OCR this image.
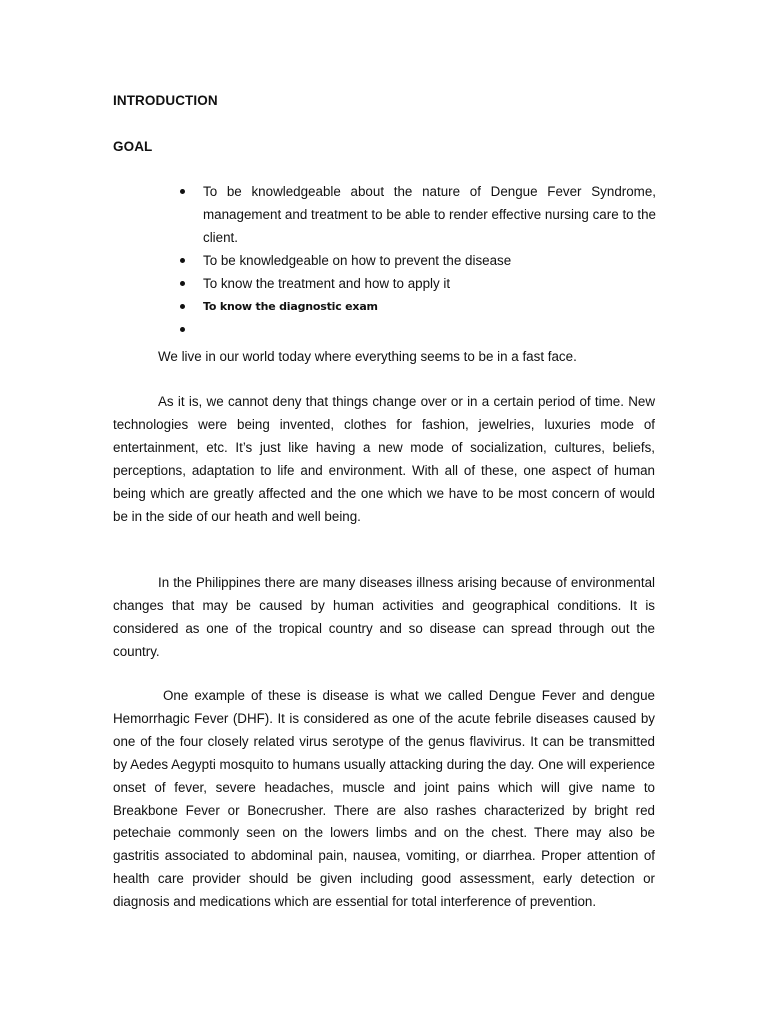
INTRODUCTION
GOAL
To be knowledgeable about the nature of Dengue Fever Syndrome, management and treatment to be able to render effective nursing care to the client.
To be knowledgeable on how to prevent the disease
To know the treatment and how to apply it
To know the diagnostic exam

We live in our world today where everything seems to be in a fast face.

As it is, we cannot deny that things change over or in a certain period of time. New technologies were being invented, clothes for fashion, jewelries, luxuries mode of entertainment, etc. It’s just like having a new mode of socialization, cultures, beliefs, perceptions, adaptation to life and environment. With all of these, one aspect of human being which are greatly affected and the one which we have to be most concern of would be in the side of our heath and well being.

In the Philippines there are many diseases illness arising because of environmental changes that may be caused by human activities and geographical conditions. It is considered as one of the tropical country and so disease can spread through out the country.

One example of these is disease is what we called Dengue Fever and dengue Hemorrhagic Fever (DHF). It is considered as one of the acute febrile diseases caused by one of the four closely related virus serotype of the genus flavivirus. It can be transmitted by Aedes Aegypti mosquito to humans usually attacking during the day. One will experience onset of fever, severe headaches, muscle and joint pains which will give name to Breakbone Fever or Bonecrusher. There are also rashes characterized by bright red petechaie commonly seen on the lowers limbs and on the chest. There may also be gastritis associated to abdominal pain, nausea, vomiting, or diarrhea. Proper attention of health care provider should be given including good assessment, early detection or diagnosis and medications which are essential for total interference of prevention.
